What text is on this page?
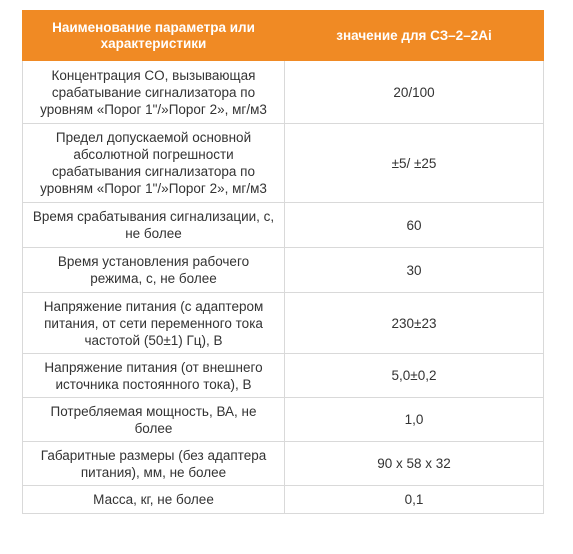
Наименование параметра или характеристики	значение для СЗ–2–2Ai
Концентрация CO, вызывающая срабатывание сигнализатора по уровням «Порог 1"/»Порог 2», мг/м3	20/100
Предел допускаемой основной абсолютной погрешности срабатывания сигнализатора по уровням «Порог 1"/»Порог 2», мг/м3	±5/ ±25
Время срабатывания сигнализации, с, не более	60
Время установления рабочего режима, с, не более	30
Напряжение питания (с адаптером питания, от сети переменного тока частотой (50±1) Гц), В	230±23
Напряжение питания (от внешнего источника постоянного тока), В	5,0±0,2
Потребляемая мощность, ВА, не более	1,0
Габаритные размеры (без адаптера питания), мм, не более	90 х 58 х 32
Масса, кг, не более	0,1
